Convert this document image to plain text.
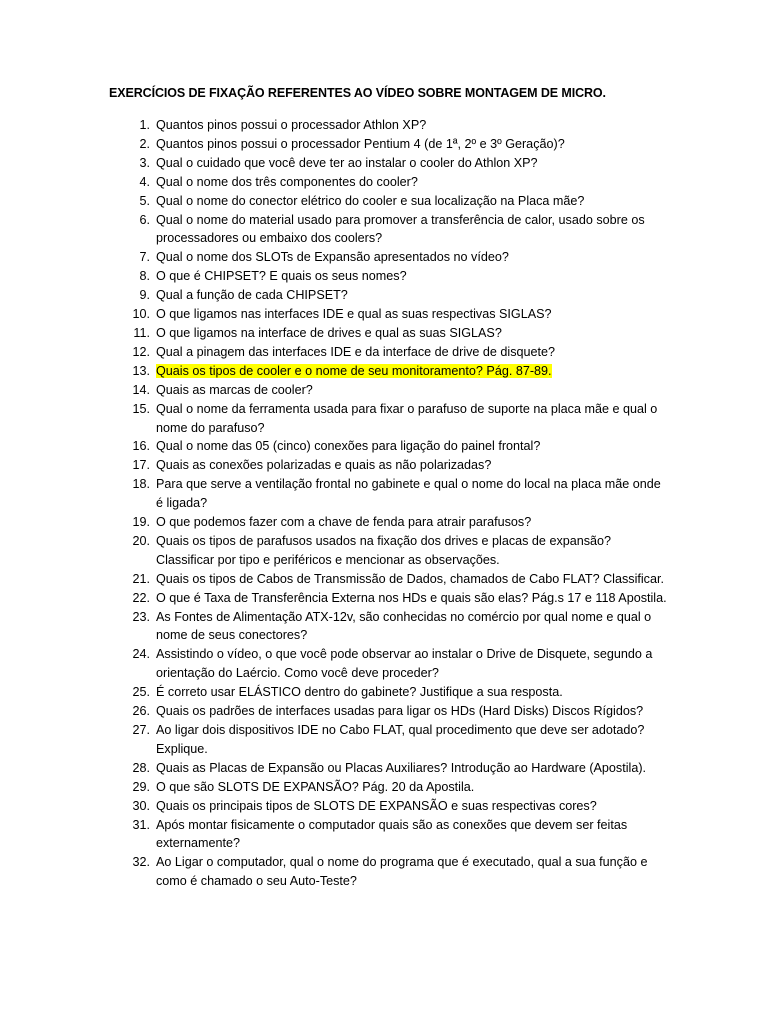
EXERCÍCIOS DE FIXAÇÃO REFERENTES AO VÍDEO SOBRE MONTAGEM DE MICRO.
1. Quantos pinos possui o processador Athlon XP?
2. Quantos pinos possui o processador Pentium 4 (de 1ª, 2º e 3º Geração)?
3. Qual o cuidado que você deve ter ao instalar o cooler do Athlon XP?
4. Qual o nome dos três componentes do cooler?
5. Qual o nome do conector elétrico do cooler e sua localização na Placa mãe?
6. Qual o nome do material usado para promover a transferência de calor, usado sobre os processadores ou embaixo dos coolers?
7. Qual o nome dos SLOTs de Expansão apresentados no vídeo?
8. O que é CHIPSET? E quais os seus nomes?
9. Qual a função de cada CHIPSET?
10. O que ligamos nas interfaces IDE e qual as suas respectivas SIGLAS?
11. O que ligamos na interface de drives e qual as suas SIGLAS?
12. Qual a pinagem das interfaces IDE e da interface de drive de disquete?
13. Quais os tipos de cooler e o nome de seu monitoramento? Pág. 87-89.
14. Quais as marcas de cooler?
15. Qual o nome da ferramenta usada para fixar o parafuso de suporte na placa mãe e qual o nome do parafuso?
16. Qual o nome das 05 (cinco) conexões para ligação do painel frontal?
17. Quais as conexões polarizadas e quais as não polarizadas?
18. Para que serve a ventilação frontal no gabinete e qual o nome do local na placa mãe onde é ligada?
19. O que podemos fazer com a chave de fenda para atrair parafusos?
20. Quais os tipos de parafusos usados na fixação dos drives e placas de expansão? Classificar por tipo e periféricos e mencionar as observações.
21. Quais os tipos de Cabos de Transmissão de Dados, chamados de Cabo FLAT? Classificar.
22. O que é Taxa de Transferência Externa nos HDs e quais são elas? Pág.s 17 e 118 Apostila.
23. As Fontes de Alimentação ATX-12v, são conhecidas no comércio por qual nome e qual o nome de seus conectores?
24. Assistindo o vídeo, o que você pode observar ao instalar o Drive de Disquete, segundo a orientação do Laércio. Como você deve proceder?
25. É correto usar ELÁSTICO dentro do gabinete? Justifique a sua resposta.
26. Quais os padrões de interfaces usadas para ligar os HDs (Hard Disks) Discos Rígidos?
27. Ao ligar dois dispositivos IDE no Cabo FLAT, qual procedimento que deve ser adotado? Explique.
28. Quais as Placas de Expansão ou Placas Auxiliares? Introdução ao Hardware (Apostila).
29. O que são SLOTS DE EXPANSÃO? Pág. 20 da Apostila.
30. Quais os principais tipos de SLOTS DE EXPANSÃO e suas respectivas cores?
31. Após montar fisicamente o computador quais são as conexões que devem ser feitas externamente?
32. Ao Ligar o computador, qual o nome do programa que é executado, qual a sua função e como é chamado o seu Auto-Teste?
